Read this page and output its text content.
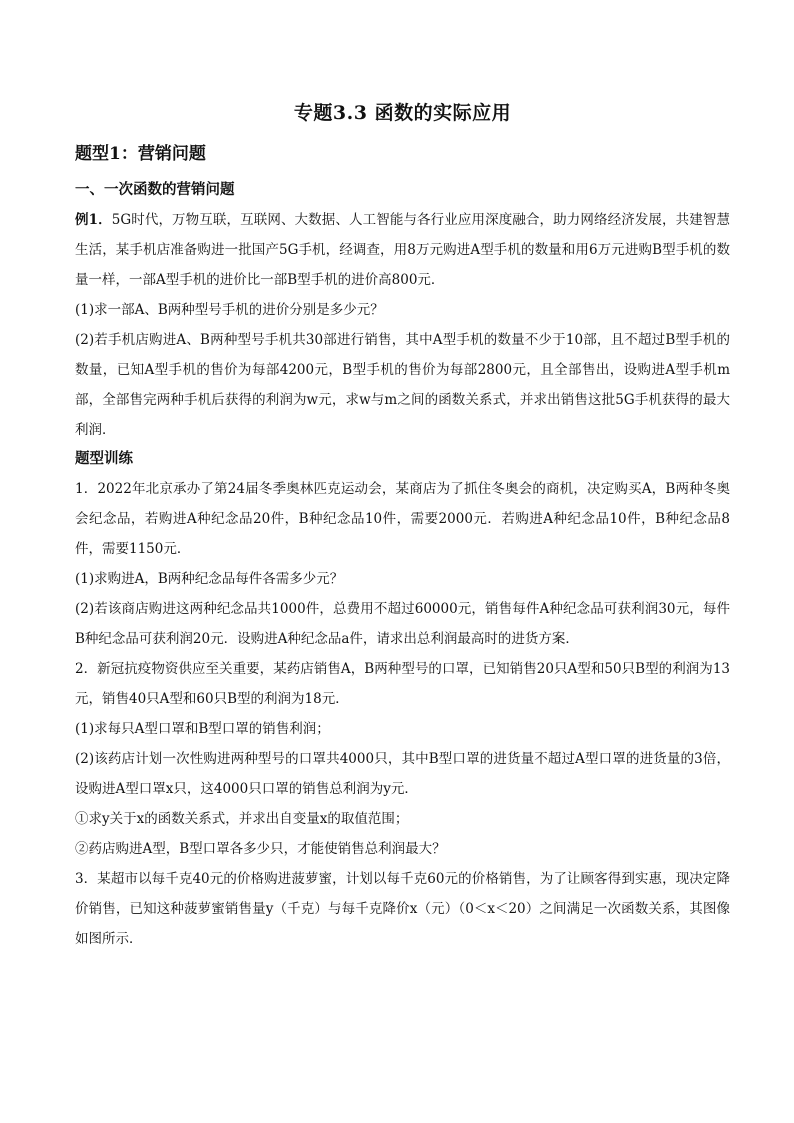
专题3.3 函数的实际应用
题型1：营销问题
一、一次函数的营销问题

例1．5G时代，万物互联，互联网、大数据、人工智能与各行业应用深度融合，助力网络经济发展，共建智慧生活，某手机店准备购进一批国产5G手机，经调查，用8万元购进A型手机的数量和用6万元进购B型手机的数量一样，一部A型手机的进价比一部B型手机的进价高800元．

(1)求一部A、B两种型号手机的进价分别是多少元？

(2)若手机店购进A、B两种型号手机共30部进行销售，其中A型手机的数量不少于10部，且不超过B型手机的数量，已知A型手机的售价为每部4200元，B型手机的售价为每部2800元，且全部售出，设购进A型手机m部，全部售完两种手机后获得的利润为w元，求w与m之间的函数关系式，并求出销售这批5G手机获得的最大利润．

题型训练

1．2022年北京承办了第24届冬季奥林匹克运动会，某商店为了抓住冬奥会的商机，决定购买A，B两种冬奥会纪念品，若购进A种纪念品20件，B种纪念品10件，需要2000元．若购进A种纪念品10件，B种纪念品8件，需要1150元．

(1)求购进A，B两种纪念品每件各需多少元？

(2)若该商店购进这两种纪念品共1000件，总费用不超过60000元，销售每件A种纪念品可获利润30元，每件B种纪念品可获利润20元．设购进A种纪念品a件，请求出总利润最高时的进货方案．

2．新冠抗疫物资供应至关重要，某药店销售A，B两种型号的口罩，已知销售20只A型和50只B型的利润为13元，销售40只A型和60只B型的利润为18元．

(1)求每只A型口罩和B型口罩的销售利润；

(2)该药店计划一次性购进两种型号的口罩共4000只，其中B型口罩的进货量不超过A型口罩的进货量的3倍，设购进A型口罩x只，这4000只口罩的销售总利润为y元．

①求y关于x的函数关系式，并求出自变量x的取值范围；

②药店购进A型，B型口罩各多少只，才能使销售总利润最大？

3．某超市以每千克40元的价格购进菠萝蜜，计划以每千克60元的价格销售，为了让顾客得到实惠，现决定降价销售，已知这种菠萝蜜销售量y（千克）与每千克降价x（元）（0＜x＜20）之间满足一次函数关系，其图像如图所示．
